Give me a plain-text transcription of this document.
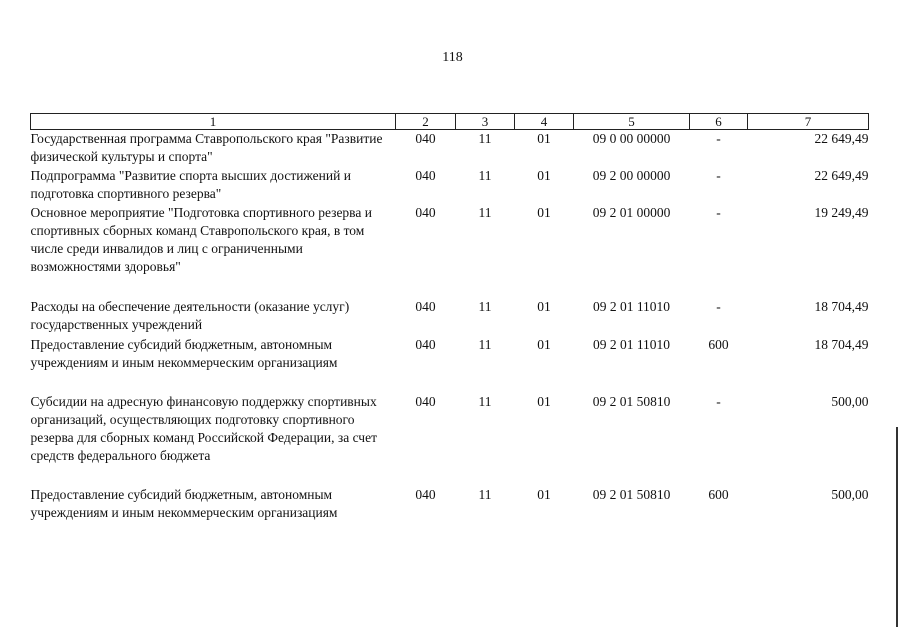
118
1	2	3	4	5	6	7
Государственная программа Ставропольского края "Развитие физической культуры и спорта"	040	11	01	09 0 00 00000	-	22 649,49
Подпрограмма "Развитие спорта высших достижений и подготовка спортивного резерва"	040	11	01	09 2 00 00000	-	22 649,49
Основное мероприятие "Подготовка спортивного резерва и спортивных сборных команд Ставропольского края, в том числе среди инвалидов и лиц с ограниченными возможностями здоровья"	040	11	01	09 2 01 00000	-	19 249,49
Расходы на обеспечение деятельности (оказание услуг) государственных учреждений	040	11	01	09 2 01 11010	-	18 704,49
Предоставление субсидий бюджетным, автономным учреждениям и иным некоммерческим организациям	040	11	01	09 2 01 11010	600	18 704,49
Субсидии на адресную финансовую поддержку спортивных организаций, осуществляющих подготовку спортивного резерва для сборных команд Российской Федерации, за счет средств федерального бюджета	040	11	01	09 2 01 50810	-	500,00
Предоставление субсидий бюджетным, автономным учреждениям и иным некоммерческим организациям	040	11	01	09 2 01 50810	600	500,00
